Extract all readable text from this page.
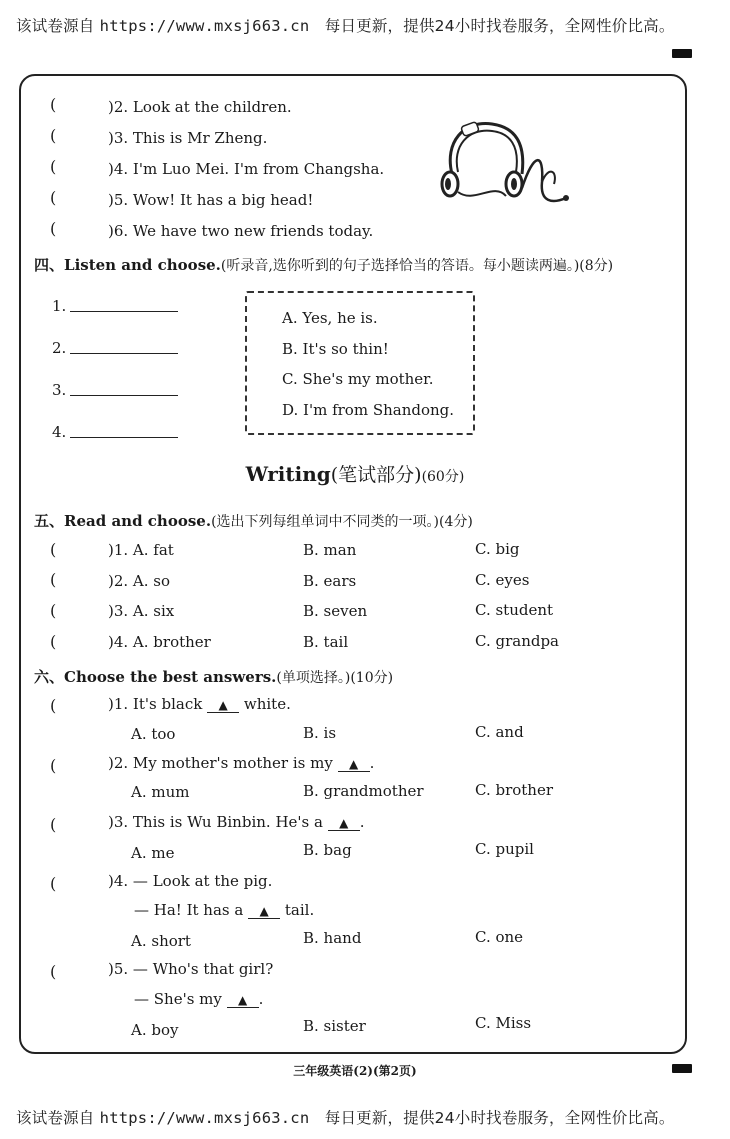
该试卷源自 https://www.mxsj663.cn 每日更新，提供24小时找卷服务，全网性价比高。
(	)2. Look at the children.
(	)3. This is Mr Zheng.
(	)4. I'm Luo Mei. I'm from Changsha.
(	)5. Wow! It has a big head!
(	)6. We have two new friends today.
四、Listen and choose.(听录音,选你听到的句子选择恰当的答语。每小题读两遍。)(8分)
1.
2.
3.
4.
A. Yes, he is.
B. It's so thin!
C. She's my mother.
D. I'm from Shandong.
Writing(笔试部分)(60分)
五、Read and choose.(选出下列每组单词中不同类的一项。)(4分)
(	)1. A. fat	B. man	C. big
(	)2. A. so	B. ears	C. eyes
(	)3. A. six	B. seven	C. student
(	)4. A. brother	B. tail	C. grandpa
六、Choose the best answers.(单项选择。)(10分)
(	)1. It's black ▲ white.
A. too	B. is	C. and
(	)2. My mother's mother is my ▲ .
A. mum	B. grandmother	C. brother
(	)3. This is Wu Binbin. He's a ▲ .
A. me	B. bag	C. pupil
(	)4. — Look at the pig.
— Ha! It has a ▲ tail.
A. short	B. hand	C. one
(	)5. — Who's that girl?
— She's my ▲ .
A. boy	B. sister	C. Miss
三年级英语(2)(第2页)
该试卷源自 https://www.mxsj663.cn 每日更新，提供24小时找卷服务，全网性价比高。
